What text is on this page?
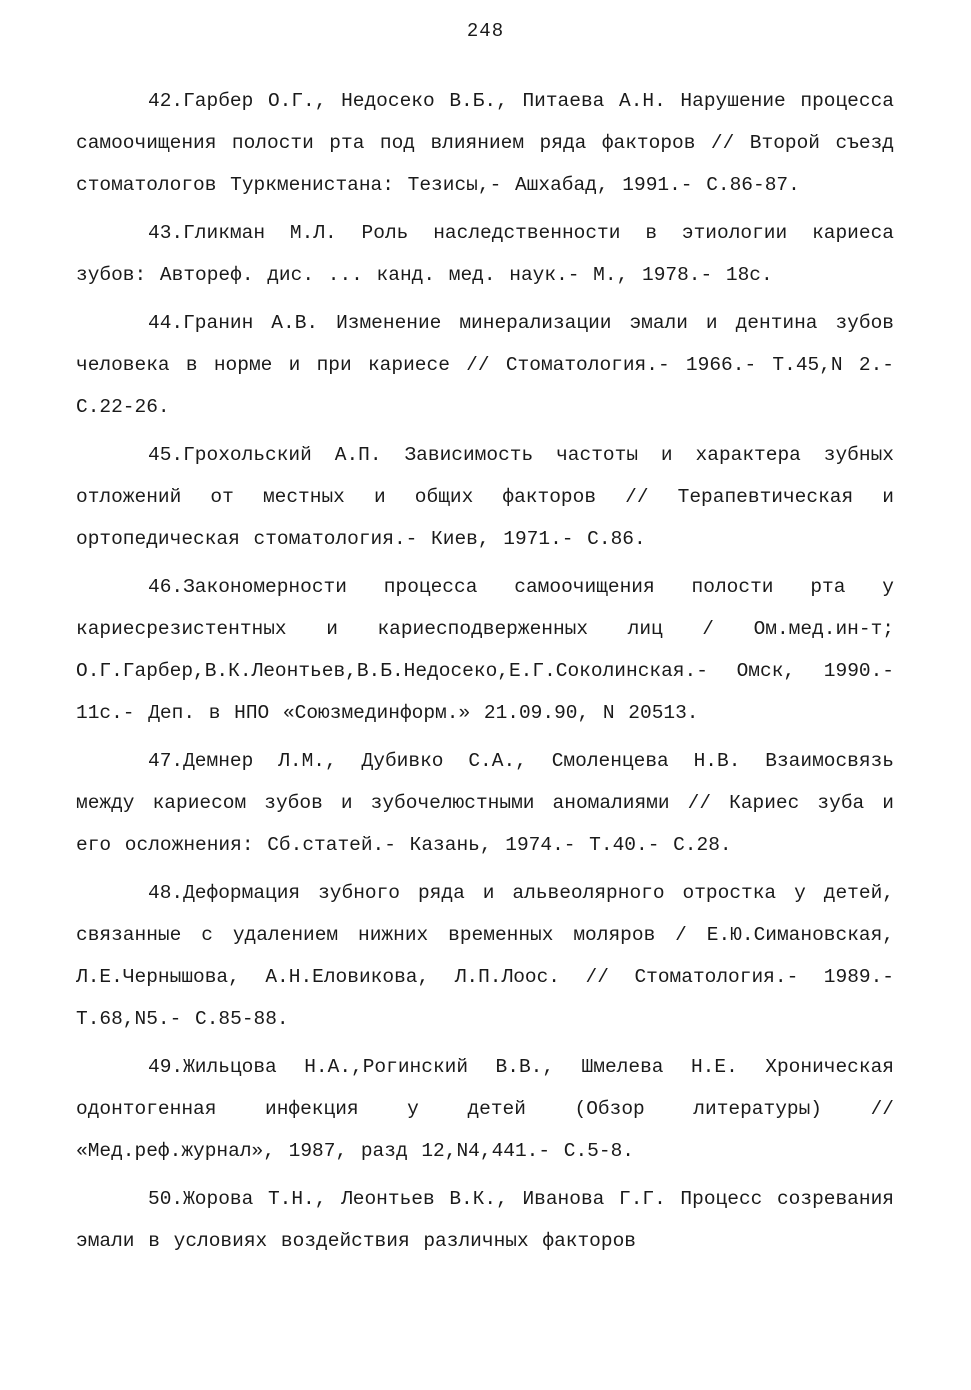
248

42.Гарбер О.Г., Недосеко В.Б., Питаева А.Н. Нарушение процесса самоочищения полости рта под влиянием ряда факторов // Второй съезд стоматологов Туркменистана: Тезисы,- Ашхабад, 1991.- С.86-87.

43.Гликман М.Л. Роль наследственности в этиологии кариеса зубов: Автореф. дис. ... канд. мед. наук.- М., 1978.- 18с.

44.Гранин А.В. Изменение минерализации эмали и дентина зубов человека в норме и при кариесе // Стоматология.- 1966.- Т.45,N 2.- С.22-26.

45.Грохольский А.П. Зависимость частоты и характера зубных отложений от местных и общих факторов // Терапевтическая и ортопедическая стоматология.- Киев, 1971.- С.86.

46.Закономерности процесса самоочищения полости рта у кариесрезистентных и кариесподверженных лиц / Ом.мед.ин-т; О.Г.Гарбер,В.К.Леонтьев,В.Б.Недосеко,Е.Г.Соколинская.- Омск, 1990.- 11с.- Деп. в НПО «Союзмединформ.» 21.09.90, N 20513.

47.Демнер Л.М., Дубивко С.А., Смоленцева Н.В. Взаимосвязь между кариесом зубов и зубочелюстными аномалиями // Кариес зуба и его осложнения: Сб.статей.- Казань, 1974.- Т.40.- С.28.

48.Деформация зубного ряда и альвеолярного отростка у детей, связанные с удалением нижних временных моляров / Е.Ю.Симановская, Л.Е.Чернышова, А.Н.Еловикова, Л.П.Лоос. // Стоматология.- 1989.- Т.68,N5.- С.85-88.

49.Жильцова Н.А.,Рогинский В.В., Шмелева Н.Е. Хроническая одонтогенная инфекция у детей (Обзор литературы) // «Мед.реф.журнал», 1987, разд 12,N4,441.- С.5-8.

50.Жорова Т.Н., Леонтьев В.К., Иванова Г.Г. Процесс созревания эмали в условиях воздействия различных факторов
